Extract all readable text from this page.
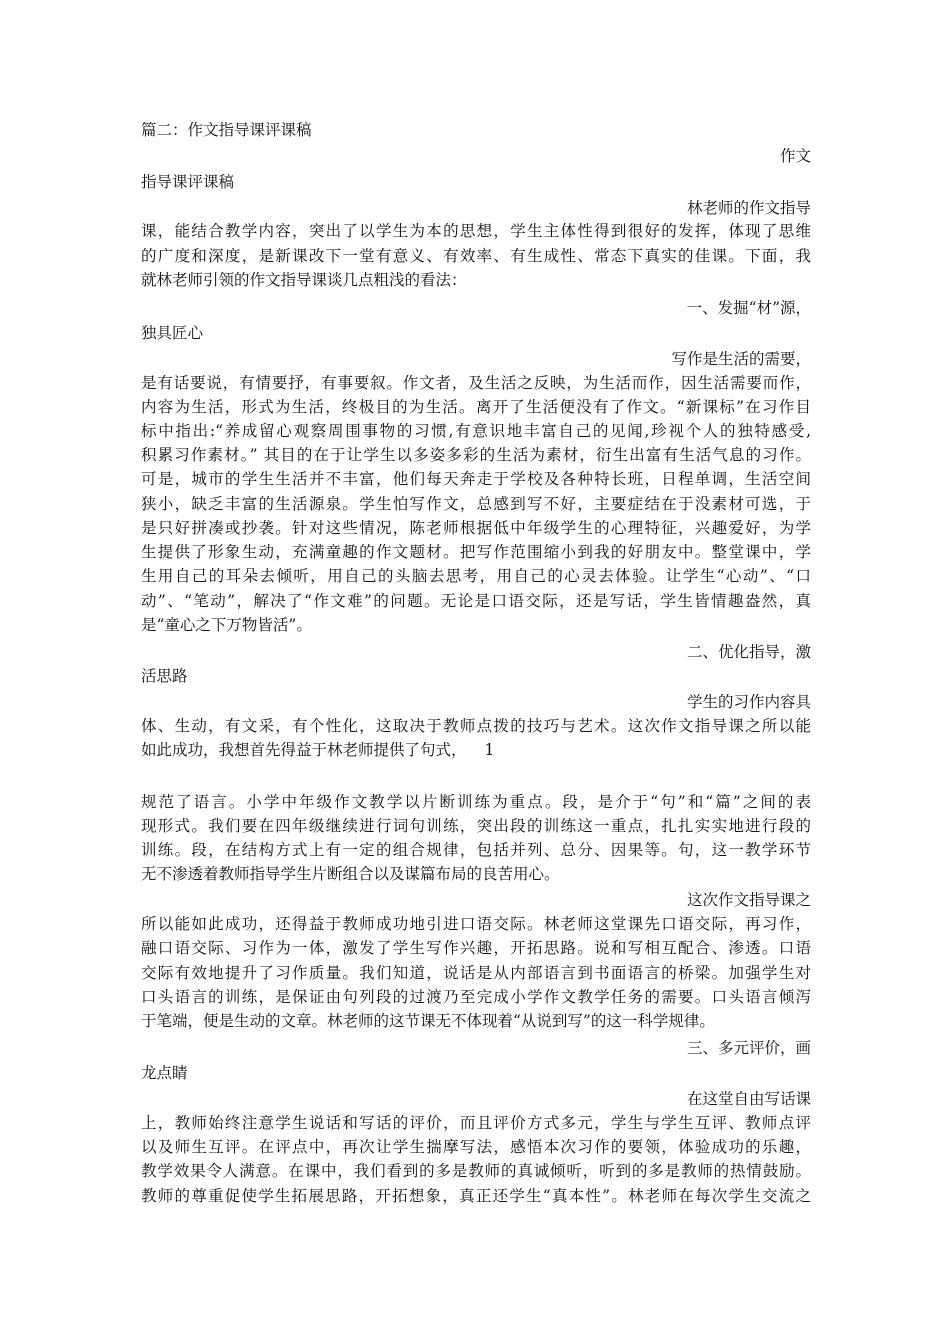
篇二：作文指导课评课稿
作文
指导课评课稿
林老师的作文指导
课，能结合教学内容，突出了以学生为本的思想，学生主体性得到很好的发挥，体现了思维
的广度和深度，是新课改下一堂有意义、有效率、有生成性、常态下真实的佳课。下面，我
就林老师引领的作文指导课谈几点粗浅的看法：
一、发掘“材”源，
独具匠心
写作是生活的需要，
是有话要说，有情要抒，有事要叙。作文者，及生活之反映，为生活而作，因生活需要而作，
内容为生活，形式为生活，终极目的为生活。离开了生活便没有了作文。“新课标”在习作目
标中指出:“养成留心观察周围事物的习惯,有意识地丰富自己的见闻,珍视个人的独特感受,
积累习作素材。” 其目的在于让学生以多姿多彩的生活为素材，衍生出富有生活气息的习作。
可是，城市的学生生活并不丰富，他们每天奔走于学校及各种特长班，日程单调，生活空间
狭小，缺乏丰富的生活源泉。学生怕写作文，总感到写不好，主要症结在于没素材可选，于
是只好拼凑或抄袭。针对这些情况，陈老师根据低中年级学生的心理特征，兴趣爱好，为学
生提供了形象生动，充满童趣的作文题材。把写作范围缩小到我的好朋友中。整堂课中，学
生用自己的耳朵去倾听，用自己的头脑去思考，用自己的心灵去体验。让学生“心动”、“口
动”、“笔动”，解决了“作文难”的问题。无论是口语交际，还是写话，学生皆情趣盎然，真
是“童心之下万物皆活”。
二、优化指导，激
活思路
学生的习作内容具
体、生动，有文采，有个性化，这取决于教师点拨的技巧与艺术。这次作文指导课之所以能
如此成功，我想首先得益于林老师提供了句式， 1
规范了语言。小学中年级作文教学以片断训练为重点。段，是介于“句”和“篇”之间的表
现形式。我们要在四年级继续进行词句训练，突出段的训练这一重点，扎扎实实地进行段的
训练。段，在结构方式上有一定的组合规律，包括并列、总分、因果等。句，这一教学环节
无不渗透着教师指导学生片断组合以及谋篇布局的良苦用心。
这次作文指导课之
所以能如此成功，还得益于教师成功地引进口语交际。林老师这堂课先口语交际，再习作，
融口语交际、习作为一体，激发了学生写作兴趣，开拓思路。说和写相互配合、渗透。口语
交际有效地提升了习作质量。我们知道，说话是从内部语言到书面语言的桥梁。加强学生对
口头语言的训练，是保证由句列段的过渡乃至完成小学作文教学任务的需要。口头语言倾泻
于笔端，便是生动的文章。林老师的这节课无不体现着“从说到写”的这一科学规律。
三、多元评价，画
龙点睛
在这堂自由写话课
上，教师始终注意学生说话和写话的评价，而且评价方式多元，学生与学生互评、教师点评
以及师生互评。在评点中，再次让学生揣摩写法，感悟本次习作的要领，体验成功的乐趣，
教学效果令人满意。在课中，我们看到的多是教师的真诚倾听，听到的多是教师的热情鼓励。
教师的尊重促使学生拓展思路，开拓想象，真正还学生“真本性”。林老师在每次学生交流之
